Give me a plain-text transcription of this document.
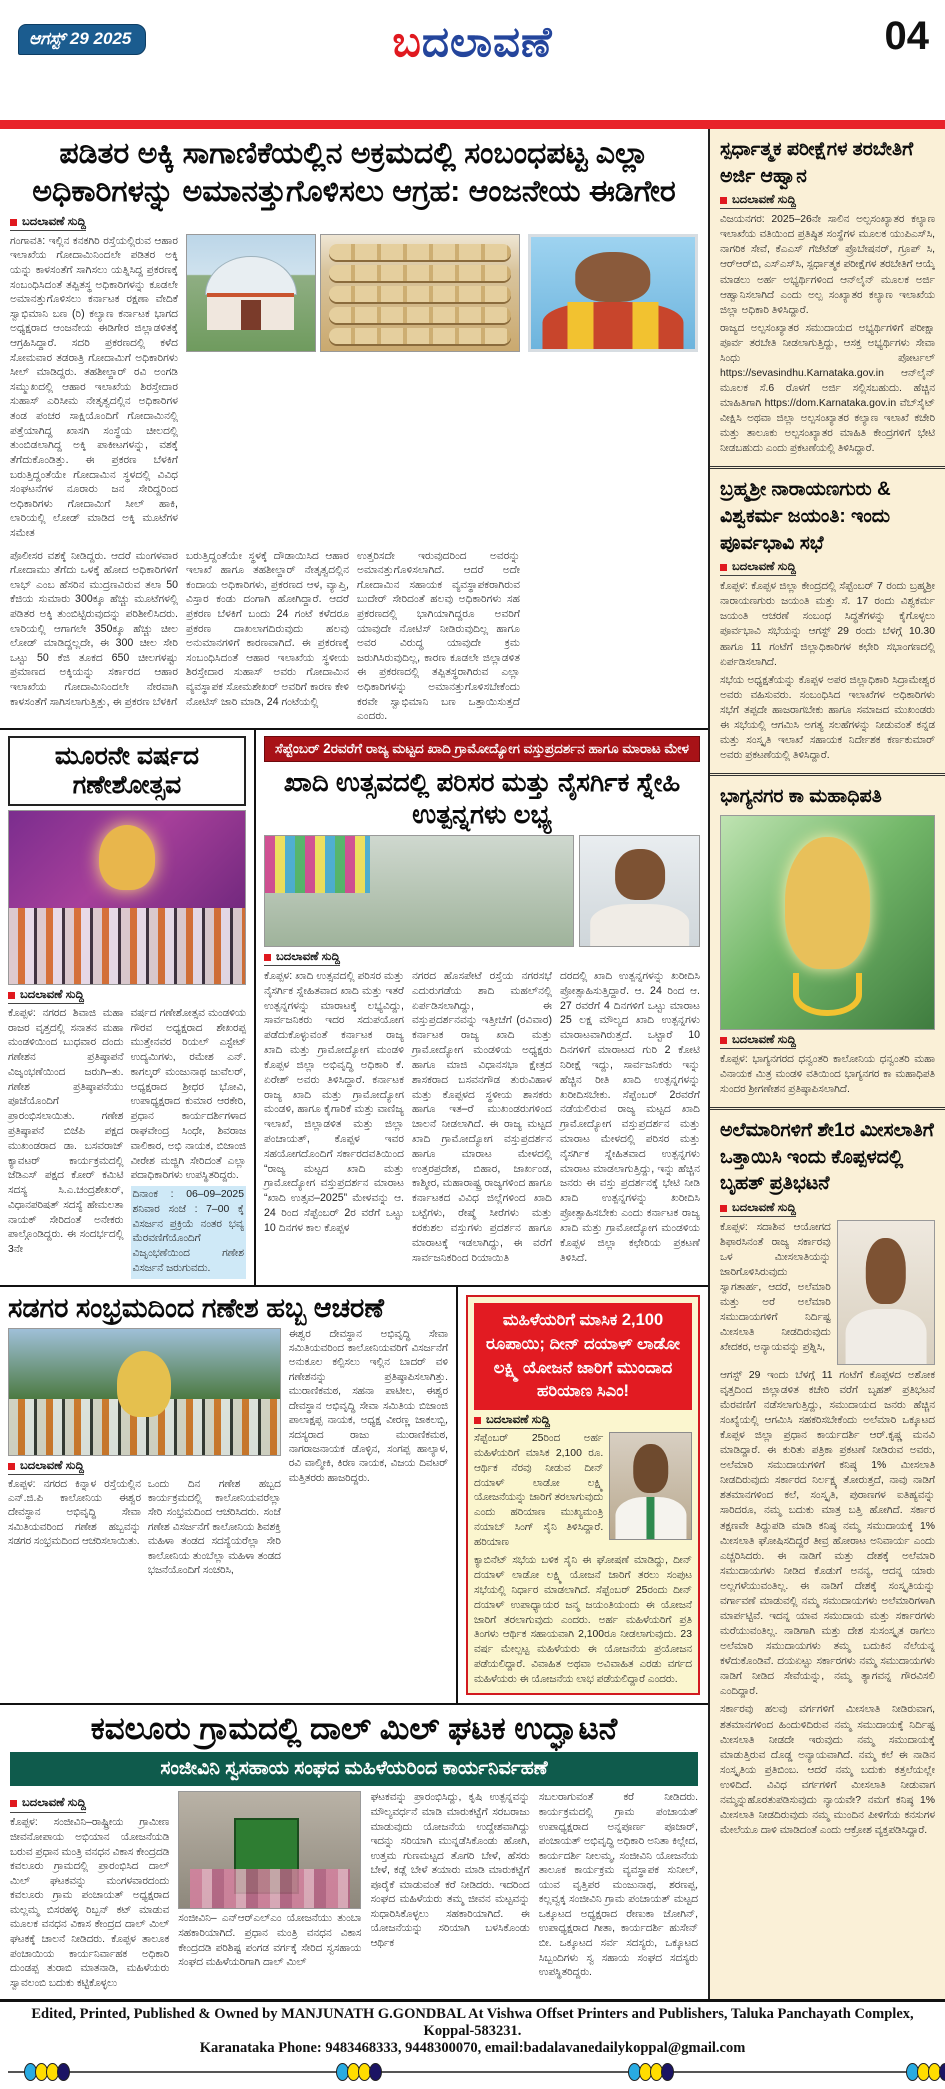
ಆಗಸ್ಟ್ 29 2025	ಬದಲಾವಣೆ	04
ಪಡಿತರ ಅಕ್ಕಿ ಸಾಗಾಣಿಕೆಯಲ್ಲಿನ ಅಕ್ರಮದಲ್ಲಿ ಸಂಬಂಧಪಟ್ಟ ಎಲ್ಲಾ ಅಧಿಕಾರಿಗಳನ್ನು ಅಮಾನತ್ತುಗೊಳಿಸಲು ಆಗ್ರಹ: ಆಂಜನೇಯ ಈಡಿಗೇರ
ಬದಲಾವಣೆ ಸುದ್ದಿ
ಗಂಗಾವತಿ: ಇಲ್ಲಿನ ಕನಕಗಿರಿ ರಸ್ತೆಯಲ್ಲಿರುವ ಆಹಾರ ಇಲಾಖೆಯ ಗೋದಾಮಿನಿಂದಲೇ ಪಡಿತರ ಅಕ್ಕಿ ಯನ್ನು ಕಾಳಸಂತೆಗೆ ಸಾಗಿಸಲು ಯತ್ನಿಸಿದ್ದ ಪ್ರಕರಣಕ್ಕೆ ಸಂಬಂಧಿಸಿದಂತೆ ತಪ್ಪಿತಸ್ಥ ಅಧಿಕಾರಿಗಳನ್ನು ಕೂಡಲೇ ಅಮಾನತ್ತುಗೊಳಿಸಲು ಕರ್ನಾಟಕ ರಕ್ಷಣಾ ವೇದಿಕೆ ಸ್ವಾಭಿಮಾನಿ ಬಣ (ರಿ) ಕಲ್ಯಾಣ ಕರ್ನಾಟಕ ಭಾಗದ ಅಧ್ಯಕ್ಷರಾದ ಆಂಜನೇಯ ಈಡಿಗೇರ ಜಿಲ್ಲಾಡಳಿತಕ್ಕೆ ಆಗ್ರಹಿಸಿದ್ದಾರೆ. ಸದರಿ ಪ್ರಕರಣದಲ್ಲಿ ಕಳೆದ ಸೋಮವಾರ ತಡರಾತ್ರಿ ಗೋದಾಮಿಗೆ ಅಧಿಕಾರಿಗಳು ಸೀಲ್ ಮಾಡಿದ್ದರು. ತಹಶೀಲ್ದಾರ್ ರವಿ ಅಂಗಡಿ ಸಮ್ಮುಖದಲ್ಲಿ ಆಹಾರ ಇಲಾಖೆಯ ಶಿರಸ್ತೇದಾರ ಸುಹಾಸ್ ಎರಿಸೀಮ ನೇತೃತ್ವದಲ್ಲಿನ ಅಧಿಕಾರಿಗಳ ತಂಡ ಪಂಚರ ಸಾಕ್ಷಿಯೊಂದಿಗೆ ಗೋದಾಮಿನಲ್ಲಿ ಪತ್ತೆಯಾಗಿದ್ದ ಖಾಸಗಿ ಸಂಸ್ಥೆಯ ಚೀಲದಲ್ಲಿ ತುಂಬಿಡಲಾಗಿದ್ದ ಅಕ್ಕಿ ಪಾಕೀಟಗಳನ್ನು, ವಶಕ್ಕೆ ತೆಗೆದುಕೊಂಡಿತ್ತು. ಈ ಪ್ರಕರಣ ಬೆಳಕಿಗೆ ಬರುತ್ತಿದ್ದಂತೆಯೇ ಗೋದಾಮಿನ ಸ್ಥಳದಲ್ಲಿ ವಿವಿಧ ಸಂಘಟನೆಗಳ ನೂರಾರು ಜನ ಸೇರಿದ್ದರಿಂದ ಅಧಿಕಾರಿಗಳು ಗೋದಾಮಿಗೆ ಸೀಲ್ ಹಾಕಿ, ಲಾರಿಯಲ್ಲಿ ಲೋಡ್ ಮಾಡಿದ ಅಕ್ಕಿ ಮೂಟೆಗಳ ಸಮೇತ
ಪೊಲೀಸರ ವಶಕ್ಕೆ ನೀಡಿದ್ದರು. ಆದರೆ ಮಂಗಳವಾರ ಗೋದಾಮು ತೆಗೆದು ಒಳಕ್ಕೆ ಹೋದ ಅಧಿಕಾರಿಗಳಿಗೆ ಲಾಭ್ ಎಂಬ ಹೆಸರಿನ ಮುದ್ರಣವಿರುವ ತಲಾ 50 ಕೆಜಿಯ ಸುಮಾರು 300ಕ್ಕೂ ಹೆಚ್ಚು ಮೂಟೆಗಳಲ್ಲಿ ಪಡಿತರ ಅಕ್ಕಿ ತುಂಬಿಟ್ಟಿರುವುದನ್ನು ಪರಿಶೀಲಿಸಿದರು. ಲಾರಿಯಲ್ಲಿ ಆಗಾಗಲೇ 350ಕ್ಕೂ ಹೆಚ್ಚು ಚೀಲ ಲೋಡ್ ಮಾಡಿದ್ದಲ್ಲದೇ, ಈ 300 ಚೀಲ ಸೇರಿ ಒಟ್ಟು 50 ಕೆಜಿ ತೂಕದ 650 ಚೀಲಗಳಷ್ಟು ಪ್ರಮಾಣದ ಅಕ್ಕಿಯನ್ನು ಸರ್ಕಾರದ ಆಹಾರ ಇಲಾಖೆಯ ಗೋದಾಮಿನಿಂದಲೇ ನೇರವಾಗಿ ಕಾಳಸಂತೆಗೆ ಸಾಗಿಸಲಾಗುತ್ತಿತ್ತು, ಈ ಪ್ರಕರಣ ಬೆಳಕಿಗೆ
ಬರುತ್ತಿದ್ದಂತೆಯೇ ಸ್ಥಳಕ್ಕೆ ದೌಡಾಯಿಸಿದ ಆಹಾರ ಇಲಾಖೆ ಹಾಗೂ ತಹಶೀಲ್ದಾರ್ ನೇತೃತ್ವದಲ್ಲಿನ ಕಂದಾಯ ಅಧಿಕಾರಿಗಳು, ಪ್ರಕರಣದ ಆಳ, ವ್ಯಾಪ್ತಿ, ವಿಸ್ತಾರ ಕಂಡು ದಂಗಾಗಿ ಹೋಗಿದ್ದಾರೆ. ಆದರೆ ಪ್ರಕರಣ ಬೆಳಕಿಗೆ ಬಂದು 24 ಗಂಟೆ ಕಳೆದರೂ ಪ್ರಕರಣ ದಾಖಲಾಗದಿರುವುದು ಹಲವು ಅನುಮಾನಗಳಿಗೆ ಕಾರಣವಾಗಿದೆ. ಈ ಪ್ರಕರಣಕ್ಕೆ ಸಂಬಂಧಿಸಿದಂತೆ ಆಹಾರ ಇಲಾಖೆಯ ಸ್ಥಳೀಯ ಶಿರಸ್ತೇದಾರ ಸುಹಾಸ್ ಅವರು ಗೋದಾಮಿನ ವ್ಯವಸ್ಥಾಪಕ ಸೋಮಶೇಖರ್ ಅವರಿಗೆ ಕಾರಣ ಕೇಳಿ ನೋಟಿಸ್ ಜಾರಿ ಮಾಡಿ, 24 ಗಂಟೆಯಲ್ಲಿ
ಉತ್ತರಿಸದೇ ಇರುವುದರಿಂದ ಅವರನ್ನು ಅಮಾನತ್ತುಗೊಳಿಸಲಾಗಿದೆ. ಆದರೆ ಅದೇ ಗೋದಾಮಿನ ಸಹಾಯಕ ವ್ಯವಸ್ಥಾಪಕರಾಗಿರುವ ಬುದೇರ್ ಸೇರಿದಂತೆ ಹಲವು ಅಧಿಕಾರಿಗಳು ಸಹ ಪ್ರಕರಣದಲ್ಲಿ ಭಾಗಿಯಾಗಿದ್ದರೂ ಅವರಿಗೆ ಯಾವುದೇ ನೋಟಿಸ್ ನೀಡಿರುವುದಿಲ್ಲ ಹಾಗೂ ಅವರ ವಿರುದ್ಧ ಯಾವುದೇ ಕ್ರಮ ಜರುಗಿಸಿರುವುದಿಲ್ಲ, ಕಾರಣ ಕೂಡಲೇ ಜಿಲ್ಲಾಡಳಿತ ಈ ಪ್ರಕರಣದಲ್ಲಿ ತಪ್ಪಿತಸ್ಥರಾಗಿರುವ ಎಲ್ಲಾ ಅಧಿಕಾರಿಗಳನ್ನು ಅಮಾನತ್ತುಗೊಳಿಸಬೇಕೆಂದು ಕರವೇ ಸ್ವಾಭಿಮಾನಿ ಬಣ ಒತ್ತಾಯಿಸುತ್ತದೆ ಎಂದರು.
ಮೂರನೇ ವರ್ಷದ ಗಣೇಶೋತ್ಸವ
ಬದಲಾವಣೆ ಸುದ್ದಿ
ಕೊಪ್ಪಳ: ನಗರದ ಶಿವಾಜಿ ಮಹಾ ರಾಜರ ವೃತ್ತದಲ್ಲಿ ಸನಾತನ ಮಹಾ ಮಂಡಳಿಯಿಂದ ಬುಧವಾರ ದಂದು ಗಣೇಶನ ಪ್ರತಿಷ್ಠಾಪನೆ ವಿಜೃಂಭಣೆಯಿಂದ ಜರುಗಿ–ತು. ಗಣೇಶ ಪ್ರತಿಷ್ಠಾಪನೆಯು ಪೂಜೆಯೊಂದಿಗೆ ಪ್ರಾರಂಭಿಸಲಾಯಿತು. ಗಣೇಶ ಪ್ರತಿಷ್ಠಾಪನೆ ಬಿಜೆಪಿ ಪಕ್ಷದ ಮುಖಂಡರಾದ ಡಾ. ಬಸವರಾಜ್ ಕ್ಯಾವಟರ್ ಕಾರ್ಯಕ್ರಮದಲ್ಲಿ ಜೆಡಿಎಸ್ ಪಕ್ಷದ ಕೋರ್ ಕಮಿಟಿ ಸದಸ್ಯ ಸಿ.ಎ.ಚಂದ್ರಶೇಖರ್, ವಿಧಾನಪರಿಷತ್ ಸದಸ್ಯೆ ಹೇಮಲತಾ ನಾಯಕ್ ಸೇರಿದಂತೆ ಅನೇಕರು ಪಾಲ್ಗೊಂಡಿದ್ದರು. ಈ ಸಂದರ್ಭದಲ್ಲಿ 3ನೇ
ವರ್ಷದ ಗಣೇಶೋತ್ಸವ ಮಂಡಳಿಯ ಗೌರವ ಅಧ್ಯಕ್ಷರಾದ ಶೇಖರಪ್ಪ ಮುತ್ತೇನವರ ರಿಯಲ್ ಎಸ್ಟೇಟ್ ಉದ್ಯಮಿಗಳು, ರಮೇಶ ಎನ್. ಕಾಗಲ್ಕರ್ ಮಂಜುನಾಥ ಜುವೆಲರ್, ಅಧ್ಯಕ್ಷರಾದ ಶ್ರೀಧರ ಭೋವಿ, ಉಪಾಧ್ಯಕ್ಷರಾದ ಕುಮಾರ ಆರಕೇರಿ, ಪ್ರಧಾನ ಕಾರ್ಯದರ್ಶಿಗಳಾದ ರಾಘವೇಂದ್ರ ಸಿಂಧೇ, ಶಿವರಾಜ ವಾಲಿಕಾರ, ಅಭಿ ನಾಯಕ, ಬಿಜಾಂಜಿ ವೀರೇಶ ಮಜ್ಜಿಗಿ ಸೇರಿದಂತೆ ಎಲ್ಲಾ ಪದಾಧಿಕಾರಿಗಳು ಉಪಸ್ಥಿತರಿದ್ದರು.
ದಿನಾಂಕ : 06–09–2025 ಶನಿವಾರ ಸಂಜೆ : 7–00 ಕ್ಕೆ ವಿಸರ್ಜನ ಪ್ರಕ್ರಿಯೆ ನಂತರ ಭವ್ಯ ಮೆರವಣಿಗೆಯೊಂದಿಗೆ ವಿಜೃಂಭಣೆಯಿಂದ ಗಣೇಶ ವಿಸರ್ಜನೆ ಜರುಗುವದು.
ಸೆಪ್ಟೆಂಬರ್ 2ರವರೆಗೆ ರಾಜ್ಯ ಮಟ್ಟದ ಖಾದಿ ಗ್ರಾಮೋದ್ಯೋಗ ವಸ್ತುಪ್ರದರ್ಶನ ಹಾಗೂ ಮಾರಾಟ ಮೇಳ
ಖಾದಿ ಉತ್ಸವದಲ್ಲಿ ಪರಿಸರ ಮತ್ತು ನೈಸರ್ಗಿಕ ಸ್ನೇಹಿ ಉತ್ಪನ್ನಗಳು ಲಭ್ಯ
ಬದಲಾವಣೆ ಸುದ್ದಿ
ಕೊಪ್ಪಳ: ಖಾದಿ ಉತ್ಸವದಲ್ಲಿ ಪರಿಸರ ಮತ್ತು ನೈಸರ್ಗಿಕ ಸ್ನೇಹಿತವಾದ ಖಾದಿ ಮತ್ತು ಇತರೆ ಉತ್ಪನ್ನಗಳನ್ನು ಮಾರಾಟಕ್ಕೆ ಲಭ್ಯವಿದ್ದು, ಸಾರ್ವಜನಿಕರು ಇದರ ಸದುಪಯೋಗ ಪಡೆದುಕೊಳ್ಳುವಂತೆ ಕರ್ನಾಟಕ ರಾಜ್ಯ ಖಾದಿ ಮತ್ತು ಗ್ರಾಮೋದ್ಯೋಗ ಮಂಡಳಿ ಕೊಪ್ಪಳ ಜಿಲ್ಲಾ ಅಭಿವೃದ್ಧಿ ಅಧಿಕಾರಿ ಕೆ. ಏರೇಶ್ ಅವರು ತಿಳಿಸಿದ್ದಾರೆ. ಕರ್ನಾಟಕ ರಾಜ್ಯ ಖಾದಿ ಮತ್ತು ಗ್ರಾಮೋದ್ಯೋಗ ಮಂಡಳಿ, ಹಾಗೂ ಕೈಗಾರಿಕೆ ಮತ್ತು ವಾಣಿಜ್ಯ ಇಲಾಖೆ, ಜಿಲ್ಲಾಡಳಿತ ಮತ್ತು ಜಿಲ್ಲಾ ಪಂಚಾಯತ್, ಕೊಪ್ಪಳ ಇವರ ಸಹಯೋಗದೊಂದಿಗೆ ಸರ್ಕಾರದವತಿಯಿಂದ “ರಾಜ್ಯ ಮಟ್ಟದ ಖಾದಿ ಮತ್ತು ಗ್ರಾಮೋದ್ಯೋಗ ವಸ್ತುಪ್ರದರ್ಶನ ಮಾರಾಟ “ಖಾದಿ ಉತ್ಸವ–2025” ಮೇಳವನ್ನು ಆ. 24 ರಿಂದ ಸೆಪ್ಟೆಂಬರ್ 2ರ ವರೆಗೆ ಒಟ್ಟು 10 ದಿನಗಳ ಕಾಲ ಕೊಪ್ಪಳ
ನಗರದ ಹೊಸಪೇಟೆ ರಸ್ತೆಯ ನಗರಸಭೆ ಎದುರುಗಡೆಯ ಶಾದಿ ಮಹಲ್‌ನಲ್ಲಿ ಏರ್ಪಡಿಸಲಾಗಿದ್ದು, ಈ ವಸ್ತುಪ್ರದರ್ಶನವನ್ನು ಇತ್ತೀಚೆಗೆ (ರವಿವಾರ) ಕರ್ನಾಟಕ ರಾಜ್ಯ ಖಾದಿ ಮತ್ತು ಗ್ರಾಮೋದ್ಯೋಗ ಮಂಡಳಿಯ ಅಧ್ಯಕ್ಷರು ಹಾಗೂ ಮಾಜಿ ವಿಧಾನಸಭಾ ಕ್ಷೇತ್ರದ ಶಾಸಕರಾದ ಬಸವನಗೌಡ ತುರುವಿಹಾಳ ಮತ್ತು ಕೊಪ್ಪಳದ ಸ್ಥಳೀಯ ಶಾಸಕರು ಹಾಗೂ ಇತ–ರೆ ಮುಖಂಡರುಗಳಿಂದ ಚಾಲನೆ ನೀಡಲಾಗಿದೆ. ಈ ರಾಜ್ಯ ಮಟ್ಟದ ಖಾದಿ ಗ್ರಾಮೋದ್ಯೋಗ ವಸ್ತುಪ್ರದರ್ಶನ ಹಾಗೂ ಮಾರಾಟ ಮೇಳದಲ್ಲಿ ಉತ್ತರಪ್ರದೇಶ, ಬಿಹಾರ, ಜಾರ್ಖಂಡ, ಕಾಶ್ಮೀರ, ಮಹಾರಾಷ್ಟ್ರ ರಾಜ್ಯಗಳಿಂದ ಹಾಗೂ ಕರ್ನಾಟಕದ ವಿವಿಧ ಜಿಲ್ಲೆಗಳಿಂದ ಖಾದಿ ಬಟ್ಟೆಗಳು, ರೇಷ್ಮೆ ಸೀರೆಗಳು ಮತ್ತು ಕರಕುಶಲ ವಸ್ತುಗಳು ಪ್ರದರ್ಶನ ಹಾಗೂ ಮಾರಾಟಕ್ಕೆ ಇಡಲಾಗಿದ್ದು, ಈ ವರೆಗೆ ಸಾರ್ವಜನಿಕರಿಂದ ರಿಯಾಯಿತಿ
ದರದಲ್ಲಿ ಖಾದಿ ಉತ್ಪನ್ನಗಳನ್ನು ಖರೀದಿಸಿ ಪ್ರೋತ್ಸಾಹಿಸುತ್ತಿದ್ದಾರೆ. ಆ. 24 ರಿಂದ ಆ. 27 ರವರೆಗೆ 4 ದಿನಗಳಿಗೆ ಒಟ್ಟು ಮಾರಾಟ 25 ಲಕ್ಷ ಮೌಲ್ಯದ ಖಾದಿ ಉತ್ಪನ್ನಗಳು ಮಾರಾಟವಾಗಿರುತ್ತದೆ. ಒಟ್ಟಾರೆ 10 ದಿನಗಳಿಗೆ ಮಾರಾಟದ ಗುರಿ 2 ಕೋಟಿ ನಿರೀಕ್ಷೆ ಇದ್ದು, ಸಾರ್ವಜನಿಕರು ಇನ್ನು ಹೆಚ್ಚಿನ ರೀತಿ ಖಾದಿ ಉತ್ಪನ್ನಗಳನ್ನು ಖರೀದಿಸಬೇಕು. ಸೆಪ್ಟೆಂಬರ್ 2ರವರೆಗೆ ನಡೆಯಲಿರುವ ರಾಜ್ಯ ಮಟ್ಟದ ಖಾದಿ ಗ್ರಾಮೋದ್ಯೋಗ ವಸ್ತುಪ್ರದರ್ಶನ ಮತ್ತು ಮಾರಾಟ ಮೇಳದಲ್ಲಿ ಪರಿಸರ ಮತ್ತು ನೈಸರ್ಗಿಕ ಸ್ನೇಹಿತವಾದ ಉತ್ಪನ್ನಗಳು ಮಾರಾಟ ಮಾಡಲಾಗುತ್ತಿದ್ದು, ಇನ್ನು ಹೆಚ್ಚಿನ ಜನರು ಈ ವಸ್ತು ಪ್ರದರ್ಶನಕ್ಕೆ ಭೇಟಿ ನೀಡಿ ಖಾದಿ ಉತ್ಪನ್ನಗಳನ್ನು ಖರೀದಿಸಿ ಪ್ರೋತ್ಸಾಹಿಸಬೇಕು ಎಂದು ಕರ್ನಾಟಕ ರಾಜ್ಯ ಖಾದಿ ಮತ್ತು ಗ್ರಾಮೋದ್ಯೋಗ ಮಂಡಳಿಯ ಕೊಪ್ಪಳ ಜಿಲ್ಲಾ ಕಛೇರಿಯ ಪ್ರಕಟಣೆ ತಿಳಿಸಿದೆ.
ಸಡಗರ ಸಂಭ್ರಮದಿಂದ ಗಣೇಶ ಹಬ್ಬ ಆಚರಣೆ
ಬದಲಾವಣೆ ಸುದ್ದಿ
ಕೊಪ್ಪಳ: ನಗರದ ಕಿನ್ನಾಳ ರಸ್ತೆಯಲ್ಲಿನ ಎನ್.ಜಿ.ಪಿ ಕಾಲೋನಿಯ ಈಶ್ವರ ದೇವಸ್ಥಾನ ಅಭಿವೃದ್ಧಿ ಸೇವಾ ಸಮಿತಿಯವರಿಂದ ಗಣೇಶ ಹಬ್ಬವನ್ನು ಸಡಗರ ಸಂಭ್ರಮದಿಂದ ಆಚರಿಸಲಾಯಿತು.
ಒಂದು ದಿನ ಗಣೇಶ ಹಬ್ಬದ ಕಾರ್ಯಕ್ರಮದಲ್ಲಿ ಕಾಲೋನಿಯವರೆಲ್ಲಾ ಸೇರಿ ಸಂಭ್ರಮದಿಂದ ಆಚರಿಸಿದರು. ಸಂಜೆ ಗಣೇಶ ವಿಸರ್ಜನೆಗೆ ಕಾಲೋನಿಯ ಶಿವಶಕ್ತಿ ಮಹಿಳಾ ತಂಡದ ಸದಸ್ಯೆಯರೆಲ್ಲಾ ಸೇರಿ ಕಾಲೋನಿಯ ತುಂಬೆಲ್ಲಾ ಮಹಿಳಾ ತಂಡದ ಭಜನೆಯೊಂದಿಗೆ ಸಂಚರಿಸಿ,
ಈಶ್ವರ ದೇವಸ್ಥಾನ ಅಭಿವೃದ್ಧಿ ಸೇವಾ ಸಮಿತಿಯವರಿಂದ ಕಾಲೋನಿಯವರಿಗೆ ವಿಸರ್ಜನೆಗೆ ಅನುಕೂಲ ಕಲ್ಪಿಸಲು ಇಲ್ಲಿನ ಬಾದರ್ ವಳಿ ಗಣೇಶನನ್ನು ಪ್ರತಿಷ್ಠಾಪಿಸಲಾಗಿತ್ತು. ಮುರಾಣಿಕಮಠ, ಸಹನಾ ಪಾಟೀಲ, ಈಶ್ವರ ದೇವಸ್ಥಾನ ಅಭಿವೃದ್ಧಿ ಸೇವಾ ಸಮಿತಿಯ ಬಿಜಾಂಜಿ ಪಾಲಾಕ್ಷಪ್ಪ ನಾಯಕ, ಅಧ್ಯಕ್ಷ ವೀರಣ್ಣ ಜಾಕಲಬ್ಬಿ, ಸದಸ್ಯರಾದ ರಾಜು ಮುರಾಣಿಕಮಠ, ನಾಗರಾಜನಾಯಕ ಡೊಳ್ಳಿನ, ಸಂಗಪ್ಪ ಹಾಲ್ಯಾಳ, ರವಿ ವಾಲ್ಮೀಕಿ, ಕಿರಣ ನಾಯಕ, ವಿಜಯ ದಿವಟರ್ ಮತ್ತಿತರರು ಹಾಜರಿದ್ದರು.
ಮಹಿಳೆಯರಿಗೆ ಮಾಸಿಕ 2,100 ರೂಪಾಯಿ; ದೀನ್ ದಯಾಳ್ ಲಾಡೋ ಲಕ್ಷ್ಮಿ ಯೋಜನೆ ಜಾರಿಗೆ ಮುಂದಾದ ಹರಿಯಾಣ ಸಿಎಂ!
ಬದಲಾವಣೆ ಸುದ್ದಿ
ಸೆಪ್ಟೆಂಬರ್ 25ರಿಂದ ಅರ್ಹ ಮಹಿಳೆಯರಿಗೆ ಮಾಸಿಕ 2,100 ರೂ. ಆರ್ಥಿಕ ನೆರವು ನೀಡುವ ದೀನ್ ದಯಾಳ್ ಲಾಡೋ ಲಕ್ಷ್ಮಿ ಯೋಜನೆಯನ್ನು ಜಾರಿಗೆ ತರಲಾಗುವುದು ಎಂದು ಹರಿಯಾಣ ಮುಖ್ಯಮಂತ್ರಿ ನಯಾಬ್ ಸಿಂಗ್ ಸೈನಿ ತಿಳಿಸಿದ್ದಾರೆ. ಹರಿಯಾಣ
ಕ್ಯಾಬಿನೆಟ್ ಸಭೆಯ ಬಳಿಕ ಸೈನಿ ಈ ಘೋಷಣೆ ಮಾಡಿದ್ದು, ದೀನ್ ದಯಾಳ್ ಲಾಡೋ ಲಕ್ಷ್ಮಿ ಯೋಜನೆ ಜಾರಿಗೆ ತರಲು ಸಂಪುಟ ಸಭೆಯಲ್ಲಿ ನಿರ್ಧಾರ ಮಾಡಲಾಗಿದೆ. ಸೆಪ್ಟೆಂಬರ್ 25ರಂದು ದೀನ್ ದಯಾಳ್ ಉಪಾಧ್ಯಾಯರ ಜನ್ಮ ಜಯಂತಿಯಂದು ಈ ಯೋಜನೆ ಜಾರಿಗೆ ತರಲಾಗುವುದು ಎಂದರು. ಅರ್ಹ ಮಹಿಳೆಯರಿಗೆ ಪ್ರತಿ ತಿಂಗಳು ಆರ್ಥಿಕ ಸಹಾಯವಾಗಿ 2,100ರೂ ನೀಡಲಾಗುವುದು. 23 ವರ್ಷ ಮೇಲ್ಪಟ್ಟ ಮಹಿಳೆಯರು ಈ ಯೋಜನೆಯ ಪ್ರಯೋಜನ ಪಡೆಯಲಿದ್ದಾರೆ. ವಿವಾಹಿತ ಅಥವಾ ಅವಿವಾಹಿತ ಎರಡು ವರ್ಗದ ಮಹಿಳೆಯರು ಈ ಯೋಜನೆಯ ಲಾಭ ಪಡೆಯಲಿದ್ದಾರೆ ಎಂದರು.
ಕವಲೂರು ಗ್ರಾಮದಲ್ಲಿ ದಾಲ್ ಮಿಲ್ ಘಟಕ ಉದ್ಘಾಟನೆ
ಸಂಜೀವಿನಿ ಸ್ವಸಹಾಯ ಸಂಘದ ಮಹಿಳೆಯರಿಂದ ಕಾರ್ಯನಿರ್ವಹಣೆ
ಬದಲಾವಣೆ ಸುದ್ದಿ
ಕೊಪ್ಪಳ: ಸಂಜೀವಿನಿ–ರಾಷ್ಟ್ರೀಯ ಗ್ರಾಮೀಣ ಜೀವನೋಪಾಯ ಅಭಿಯಾನ ಯೋಜನೆಯಡಿ ಬರುವ ಪ್ರಧಾನ ಮಂತ್ರಿ ವನಧನ ವಿಕಾಸ ಕೇಂದ್ರದಡಿ ಕವಲೂರು ಗ್ರಾಮದಲ್ಲಿ ಪ್ರಾರಂಭಿಸಿದ ದಾಲ್ ಮಿಲ್ ಘಟಕವನ್ನು ಮಂಗಳವಾರದಂದು ಕವಲೂರು ಗ್ರಾಮ ಪಂಚಾಯತ್ ಅಧ್ಯಕ್ಷರಾದ ಮಲ್ಲಮ್ಮ ಬಿಸರಹಳ್ಳಿ ರಿಬ್ಬನ್ ಕಟ್ ಮಾಡುವ ಮೂಲಕ ವನಧನ ವಿಕಾಸ ಕೇಂದ್ರದ ದಾಲ್ ಮಿಲ್ ಘಟಕಕ್ಕೆ ಚಾಲನೆ ನೀಡಿದರು. ಕೊಪ್ಪಳ ತಾಲೂಕ ಪಂಚಾಯಿಯ ಕಾರ್ಯನಿರ್ವಾಹಕ ಅಧಿಕಾರಿ ದುಂಡಪ್ಪ ತುರಾಬಿ ಮಾತನಾಡಿ, ಮಹಿಳೆಯರು ಸ್ವಾವಲಂಬಿ ಬದುಕು ಕಟ್ಟಿಕೊಳ್ಳಲು
ಸಂಜೀವಿನಿ– ಎನ್‌ಆರ್‌ಎಲ್‌ಎಂ ಯೋಜನೆಯು ತುಂಬಾ ಸಹಕಾರಿಯಾಗಿದೆ. ಪ್ರಧಾನ ಮಂತ್ರಿ ವನಧನ ವಿಕಾಸ ಕೇಂದ್ರದಡಿ ಪರಿಶಿಷ್ಟ ಪಂಗಡ ವರ್ಗಕ್ಕೆ ಸೇರಿದ ಸ್ವಸಹಾಯ ಸಂಘದ ಮಹಿಳೆಯರಿಗಾಗಿ ದಾಲ್ ಮಿಲ್
ಘಟಕವನ್ನು ಪ್ರಾರಂಭಿಸಿದ್ದು, ಕೃಷಿ ಉತ್ಪನ್ನವನ್ನು ಮೌಲ್ಯವರ್ಧನೆ ಮಾಡಿ ಮಾರುಕಟ್ಟೆಗೆ ಸರಬರಾಜು ಮಾಡುವುದು ಯೋಜನೆಯ ಉದ್ದೇಶವಾಗಿದ್ದು ಇದನ್ನು ಸರಿಯಾಗಿ ಮುನ್ನಡೆಸಿಕೊಂಡು ಹೋಗಿ, ಉತ್ತಮ ಗುಣಮಟ್ಟದ ತೊಗರಿ ಬೇಳೆ, ಹೆಸರು ಬೇಳೆ, ಕಡ್ಲೆ ಬೇಳೆ ತಯಾರು ಮಾಡಿ ಮಾರುಕಟ್ಟೆಗೆ ಪೂರೈಕೆ ಮಾಡುವಂತೆ ಕರೆ ನೀಡಿದರು. ಇದರಿಂದ ಸಂಘದ ಮಹಿಳೆಯರು ತಮ್ಮ ಜೀವನ ಮಟ್ಟವನ್ನು ಸುಧಾರಿಸಿಕೊಳ್ಳಲು ಸಹಕಾರಿಯಾಗಿದೆ. ಈ ಯೋಜನೆಯನ್ನು ಸರಿಯಾಗಿ ಬಳಸಿಕೊಂಡು ಆರ್ಥಿಕ
ಸಬಲರಾಗುವಂತೆ ಕರೆ ನೀಡಿದರು. ಕಾರ್ಯಕ್ರಮದಲ್ಲಿ ಗ್ರಾಮ ಪಂಚಾಯತ್ ಉಪಾಧ್ಯಕ್ಷರಾದ ಅನ್ನಪೂರ್ಣ ಪೂಜಾರ್, ಪಂಚಾಯತ್ ಅಭಿವೃದ್ಧಿ ಅಧಿಕಾರಿ ಅನಿತಾ ಕಿಲ್ಲೇದ, ಕಾರ್ಯದರ್ಶಿ ನೀಲಮ್ಮ, ಸಂಜೀವಿನಿ ಯೋಜನೆಯ ತಾಲೂಕ ಕಾರ್ಯಕ್ರಮ ವ್ಯವಸ್ಥಾಪಕ ಸುನೀಲ್, ಯುವ ವೃತ್ತಿಪರ ಮಂಜುನಾಥ, ಶರಣಪ್ಪ, ಕಲ್ಲವ್ವಕ್ಕ ಸಂಜೀವಿನಿ ಗ್ರಾಮ ಪಂಚಾಯತ್ ಮಟ್ಟದ ಒಕ್ಕೂಟದ ಅಧ್ಯಕ್ಷರಾದ ರೇಣುಕಾ ಜೋಗಿನ್, ಉಪಾಧ್ಯಕ್ಷರಾದ ಗೀತಾ, ಕಾರ್ಯದರ್ಶಿ ಹುಸೇನ್ ಬೀ. ಒಕ್ಕೂಟದ ಸರ್ವ ಸದಸ್ಯರು, ಒಕ್ಕೂಟದ ಸಿಬ್ಬಂದಿಗಳು ಸ್ವ ಸಹಾಯ ಸಂಘದ ಸದಸ್ಯರು ಉಪಸ್ಥಿತರಿದ್ದರು.
ಸ್ಪರ್ಧಾತ್ಮಕ ಪರೀಕ್ಷೆಗಳ ತರಬೇತಿಗೆ ಅರ್ಜಿ ಆಹ್ವಾನ
ಬದಲಾವಣೆ ಸುದ್ದಿ

ವಿಜಯನಗರ: 2025–26ನೇ ಸಾಲಿನ ಅಲ್ಪಸಂಖ್ಯಾತರ ಕಲ್ಯಾಣ ಇಲಾಖೆಯ ವತಿಯಿಂದ ಪ್ರತಿಷ್ಠಿತ ಸಂಸ್ಥೆಗಳ ಮೂಲಕ ಯುಪಿಎಸ್‌ಸಿ, ನಾಗರಿಕ ಸೇವೆ, ಕೆಎಎಸ್ ಗೆಜೆಟೆಡ್ ಪ್ರೊಬೇಷನರ್, ಗ್ರೂಪ್ ಸಿ, ಆರ್‌ಆರ್‌ಬಿ, ಎಸ್‌ಎಸ್‌ಸಿ, ಸ್ಪರ್ಧಾತ್ಮಕ ಪರೀಕ್ಷೆಗಳ ತರಬೇತಿಗೆ ಆಯ್ಕೆ ಮಾಡಲು ಅರ್ಹ ಅಭ್ಯರ್ಥಿಗಳಿಂದ ಆನ್‌ಲೈನ್ ಮೂಲಕ ಅರ್ಜಿ ಆಹ್ವಾನಿಸಲಾಗಿದೆ ಎಂದು ಅಲ್ಪ ಸಂಖ್ಯಾತರ ಕಲ್ಯಾಣ ಇಲಾಖೆಯ ಜಿಲ್ಲಾ ಅಧಿಕಾರಿ ತಿಳಿಸಿದ್ದಾರೆ.

ರಾಜ್ಯದ ಅಲ್ಪಸಂಖ್ಯಾತರ ಸಮುದಾಯದ ಅಭ್ಯರ್ಥಿಗಳಿಗೆ ಪರೀಕ್ಷಾ ಪೂರ್ವ ತರಬೇತಿ ನೀಡಲಾಗುತ್ತಿದ್ದು, ಆಸಕ್ತ ಅಭ್ಯರ್ಥಿಗಳು ಸೇವಾ ಸಿಂಧು ಪೋರ್ಟಲ್ https://sevasindhu.Karnataka.gov.in ಆನ್‌ಲೈನ್ ಮೂಲಕ ಸೆ.6 ರೊಳಗೆ ಅರ್ಜಿ ಸಲ್ಲಿಸಬಹುದು. ಹೆಚ್ಚಿನ ಮಾಹಿತಿಗಾಗಿ https://dom.Karnataka.gov.in ವೆಬ್‌ಸೈಟ್ ವೀಕ್ಷಿಸಿ ಅಥವಾ ಜಿಲ್ಲಾ ಅಲ್ಪಸಂಖ್ಯಾತರ ಕಲ್ಯಾಣ ಇಲಾಖೆ ಕಚೇರಿ ಮತ್ತು ತಾಲೂಕು ಅಲ್ಪಸಂಖ್ಯಾತರ ಮಾಹಿತಿ ಕೇಂದ್ರಗಳಿಗೆ ಭೇಟಿ ನೀಡಬಹುದು ಎಂದು ಪ್ರಕಟಣೆಯಲ್ಲಿ ತಿಳಿಸಿದ್ದಾರೆ.

ಬ್ರಹ್ಮಶ್ರೀ ನಾರಾಯಣಗುರು & ವಿಶ್ವಕರ್ಮ ಜಯಂತಿ: ಇಂದು ಪೂರ್ವಭಾವಿ ಸಭೆ
ಬದಲಾವಣೆ ಸುದ್ದಿ

ಕೊಪ್ಪಳ: ಕೊಪ್ಪಳ ಜಿಲ್ಲಾ ಕೇಂದ್ರದಲ್ಲಿ ಸೆಪ್ಟೆಂಬರ್ 7 ರಂದು ಬ್ರಹ್ಮಶ್ರೀ ನಾರಾಯಣಗುರು ಜಯಂತಿ ಮತ್ತು ಸೆ. 17 ರಂದು ವಿಶ್ವಕರ್ಮ ಜಯಂತಿ ಆಚರಣೆ ಸಂಬಂಧ ಸಿದ್ಧತೆಗಳನ್ನು ಕೈಗೊಳ್ಳಲು ಪೂರ್ವಭಾವಿ ಸಭೆಯನ್ನು ಆಗಸ್ಟ್ 29 ರಂದು ಬೆಳಗ್ಗೆ 10.30 ಹಾಗೂ 11 ಗಂಟೆಗೆ ಜಿಲ್ಲಾಧಿಕಾರಿಗಳ ಕಛೇರಿ ಸಭಾಂಗಣದಲ್ಲಿ ಏರ್ಪಡಿಸಲಾಗಿದೆ.

ಸಭೆಯ ಅಧ್ಯಕ್ಷತೆಯನ್ನು ಕೊಪ್ಪಳ ಅಪರ ಜಿಲ್ಲಾಧಿಕಾರಿ ಸಿದ್ರಾಮೇಶ್ವರ ಅವರು ವಹಿಸುವರು. ಸಂಬಂಧಿಸಿದ ಇಲಾಖೆಗಳ ಅಧಿಕಾರಿಗಳು ಸಭೆಗೆ ತಪ್ಪದೇ ಹಾಜರಾಗಬೇಕು ಹಾಗೂ ಸಮಾಜದ ಮುಖಂಡರು ಈ ಸಭೆಯಲ್ಲಿ ಆಗಮಿಸಿ ಅಗತ್ಯ ಸಲಹೆಗಳನ್ನು ನೀಡುವಂತೆ ಕನ್ನಡ ಮತ್ತು ಸಂಸ್ಕೃತಿ ಇಲಾಖೆ ಸಹಾಯಕ ನಿರ್ದೇಶಕ ಕರ್ಣಕುಮಾರ್ ಅವರು ಪ್ರಕಟಣೆಯಲ್ಲಿ ತಿಳಿಸಿದ್ದಾರೆ.

ಭಾಗ್ಯನಗರ ಕಾ ಮಹಾಧಿಪತಿ
ಬದಲಾವಣೆ ಸುದ್ದಿ
ಕೊಪ್ಪಳ: ಭಾಗ್ಯನಗರದ ಧನ್ವಂತರಿ ಕಾಲೋನಿಯ ಧನ್ವಂತರಿ ಮಹಾ ವಿನಾಯಕ ಮಿತ್ರ ಮಂಡಳಿ ವತಿಯಿಂದ ಭಾಗ್ಯನಗರ ಕಾ ಮಹಾಧಿಪತಿ ಸುಂದರ ಶ್ರೀಗಣೇಶನ ಪ್ರತಿಷ್ಠಾಪಿಸಲಾಗಿದೆ.
ಅಲೆಮಾರಿಗಳಿಗೆ ಶೇ1ರ ಮೀಸಲಾತಿಗೆ ಒತ್ತಾಯಿಸಿ ಇಂದು ಕೊಪ್ಪಳದಲ್ಲಿ ಬೃಹತ್ ಪ್ರತಿಭಟನೆ
ಬದಲಾವಣೆ ಸುದ್ದಿ
ಕೊಪ್ಪಳ: ಸದಾಶಿವ ಆಯೋಗದ ಶಿಫಾರಸಿನಂತೆ ರಾಜ್ಯ ಸರ್ಕಾರವು ಒಳ ಮೀಸಲಾತಿಯನ್ನು ಜಾರಿಗೊಳಿಸಿರುವುದು ಸ್ವಾಗತಾರ್ಹ, ಆದರೆ, ಅಲೆಮಾರಿ ಮತ್ತು ಅರೆ ಅಲೆಮಾರಿ ಸಮುದಾಯಗಳಿಗೆ ನಿರ್ದಿಷ್ಟ ಮೀಸಲಾತಿ ನೀಡದಿರುವುದು ಖೇದಕರ, ಅನ್ಯಾಯವನ್ನು ಪ್ರಶ್ನಿಸಿ,

ಆಗಸ್ಟ್ 29 ಇಂದು ಬೆಳಗ್ಗೆ 11 ಗಂಟೆಗೆ ಕೊಪ್ಪಳದ ಅಶೋಕ ವೃತ್ತದಿಂದ ಜಿಲ್ಲಾಡಳಿತ ಕಚೇರಿ ವರೆಗೆ ಬೃಹತ್ ಪ್ರತಿಭಟನೆ ಮೆರವಣಿಗೆ ನಡೆಸಲಾಗುತ್ತಿದ್ದು, ಸಮುದಾಯದ ಜನರು ಹೆಚ್ಚಿನ ಸಂಖ್ಯೆಯಲ್ಲಿ ಆಗಮಿಸಿ ಸಹಕರಿಸಬೇಕೆಂದು ಅಲೆಮಾರಿ ಒಕ್ಕೂಟದ ಕೊಪ್ಪಳ ಜಿಲ್ಲಾ ಪ್ರಧಾನ ಕಾರ್ಯದರ್ಶಿ ಆರ್.ಕೃಷ್ಣ ಮನವಿ ಮಾಡಿದ್ದಾರೆ. ಈ ಕುರಿತು ಪತ್ರಿಕಾ ಪ್ರಕಟಣೆ ನೀಡಿರುವ ಅವರು, ಅಲೆಮಾರಿ ಸಮುದಾಯಗಳಿಗೆ ಕನಿಷ್ಠ 1% ಮೀಸಲಾತಿ ನೀಡದಿರುವುದು ಸರ್ಕಾರದ ನಿರ್ಲಕ್ಷ್ಯ ತೋರುತ್ತದೆ, ನಾವು ನಾಡಿಗೆ ಶತಮಾನಗಳಿಂದ ಕಲೆ, ಸಂಸ್ಕೃತಿ, ಪುರಾಣಗಳ ಐತಿಹ್ಯವನ್ನು ಸಾರಿದರೂ, ನಮ್ಮ ಬದುಕು ಮಾತ್ರ ಬತ್ತಿ ಹೋಗಿದೆ. ಸರ್ಕಾರ ತಕ್ಷಣವೇ ತಿದ್ದುಪಡಿ ಮಾಡಿ ಕನಿಷ್ಠ ನಮ್ಮ ಸಮುದಾಯಕ್ಕೆ 1% ಮೀಸಲಾತಿ ಘೋಷಿಸದಿದ್ದರೆ ತೀವ್ರ ಹೋರಾಟ ಅನಿವಾರ್ಯ ಎಂದು ಎಚ್ಚರಿಸಿದರು. ಈ ನಾಡಿಗೆ ಮತ್ತು ದೇಶಕ್ಕೆ ಅಲೆಮಾರಿ ಸಮುದಾಯಗಳು ನೀಡಿದ ಕೊಡುಗೆ ಅನನ್ಯ, ಆದನ್ನ ಯಾರು ಅಲ್ಲಗಳೆಯುವಂತಿಲ್ಲ. ಈ ನಾಡಿಗೆ ದೇಶಕ್ಕೆ ಸಂಸ್ಕೃತಿಯನ್ನು ವರ್ಗಾವಣೆ ಮಾಡುವಲ್ಲಿ ನಮ್ಮ ಸಮುದಾಯಗಳು ಅಲೆಮಾರಿಗಳಾಗಿ ಮಾರ್ಪಟ್ಟಿವೆ. ಇದನ್ನ ಯಾವ ಸಮುದಾಯ ಮತ್ತು ಸರ್ಕಾರಗಳು ಮರೆಯುವಂತಿಲ್ಲ. ನಾಡಿಗಾಗಿ ಮತ್ತು ದೇಶ ಸುಸಂಸ್ಕೃತ ರಾಗಲು ಅಲೆಮಾರಿ ಸಮುದಾಯಗಳು ತಮ್ಮ ಬದುಕಿನ ನೆಲೆಯನ್ನ ಕಳೆದುಕೊಂಡಿವೆ. ದಯಏಟ್ಟು ಸರ್ಕಾರಗಳು ನಮ್ಮ ಸಮುದಾಯಗಳು ನಾಡಿಗೆ ನೀಡಿದ ಸೇವೆಯನ್ನು, ನಮ್ಮ ತ್ಯಾಗವನ್ನ ಗೌರವಿಸಲಿ ಎಂದಿದ್ದಾರೆ.

ಸರ್ಕಾರವು ಹಲವು ವರ್ಗಗಳಿಗೆ ಮೀಸಲಾತಿ ನೀಡಿರುವಾಗ, ಶತಮಾನಗಳಿಂದ ಹಿಂದುಳಿದಿರುವ ನಮ್ಮ ಸಮುದಾಯಕ್ಕೆ ನಿರ್ದಿಷ್ಟ ಮೀಸಲಾತಿ ನೀಡದೇ ಇರುವುದು ನಮ್ಮ ಸಮುದಾಯಕ್ಕೆ ಮಾಡುತ್ತಿರುವ ದೊಡ್ಡ ಅನ್ಯಾಯವಾಗಿದೆ. ನಮ್ಮ ಕಲೆ ಈ ನಾಡಿನ ಸಂಸ್ಕೃತಿಯ ಪ್ರತಿಬಿಂಬ. ಆದರೆ ನಮ್ಮ ಬದುಕು ಕತ್ತಲೆಯಲ್ಲೇ ಉಳಿದಿದೆ. ವಿವಿಧ ವರ್ಗಗಳಿಗೆ ಮೀಸಲಾತಿ ನೀಡುವಾಗ ನಮ್ಮನ್ನುಹೊರತುಪಡಿಸುವುದು ನ್ಯಾಯವೇ? ನಮಗೆ ಕನಿಷ್ಠ 1% ಮೀಸಲಾತಿ ನೀಡದಿರುವುದು ನಮ್ಮ ಮುಂದಿನ ಪೀಳಿಗೆಯ ಕನಸುಗಳ ಮೇಲೆಯೂ ದಾಳಿ ಮಾಡಿದಂತೆ ಎಂದು ಆಕ್ರೋಶ ವ್ಯಕ್ತಪಡಿಸಿದ್ದಾರೆ.

Edited, Printed, Published & Owned by MANJUNATH G.GONDBAL At Vishwa Offset Printers and Publishers, Taluka Panchayath Complex, Koppal-583231.
Karanataka Phone: 9483468333, 9448300070, email:badalavanedailykoppal@gmail.com
